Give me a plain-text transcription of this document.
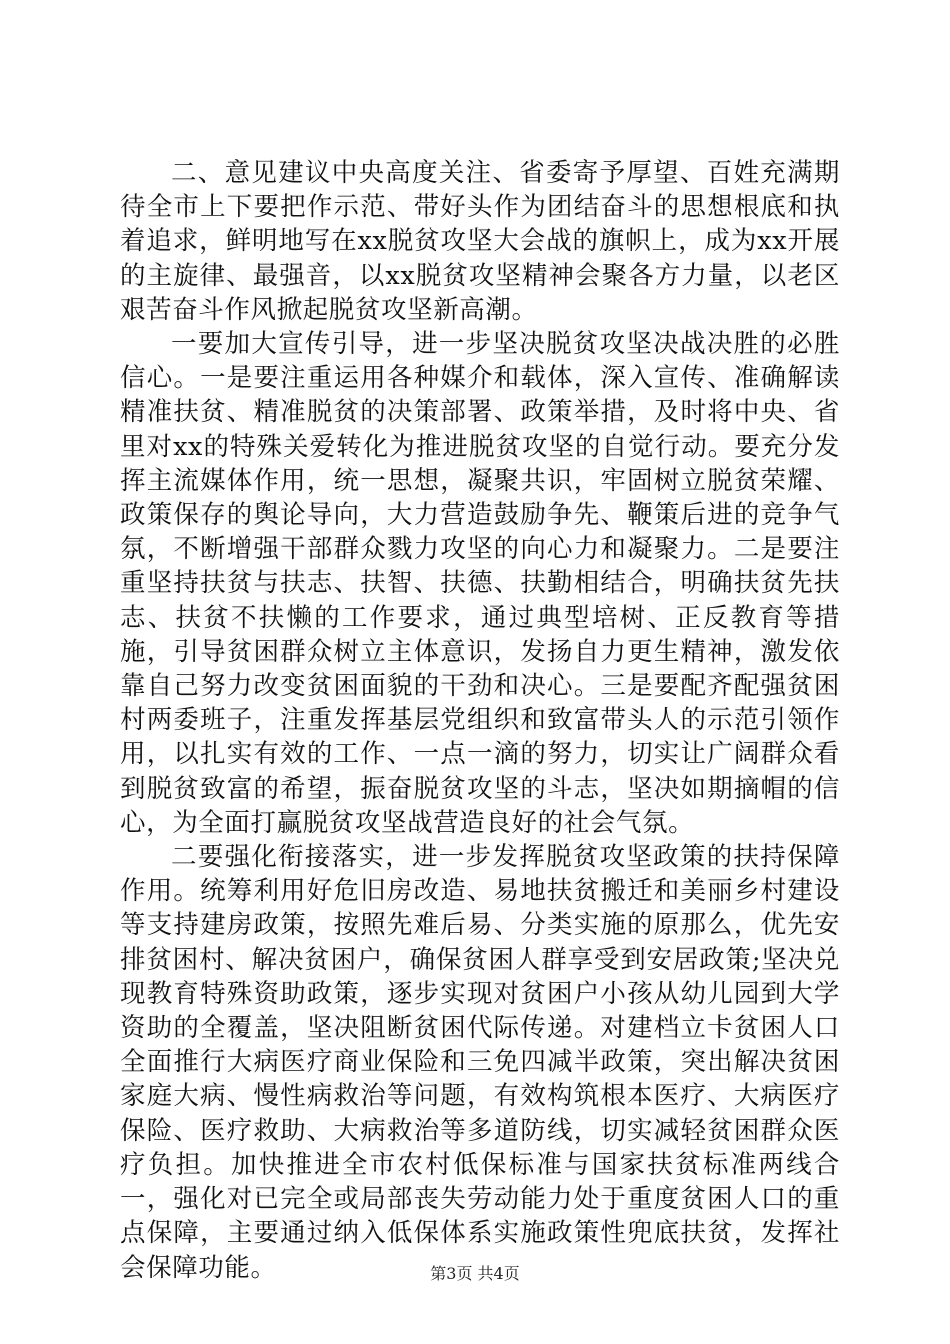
二、意见建议中央高度关注、省委寄予厚望、百姓充满期待全市上下要把作示范、带好头作为团结奋斗的思想根底和执着追求，鲜明地写在xx脱贫攻坚大会战的旗帜上，成为xx开展的主旋律、最强音，以xx脱贫攻坚精神会聚各方力量，以老区艰苦奋斗作风掀起脱贫攻坚新高潮。

一要加大宣传引导，进一步坚决脱贫攻坚决战决胜的必胜信心。一是要注重运用各种媒介和载体，深入宣传、准确解读精准扶贫、精准脱贫的决策部署、政策举措，及时将中央、省里对xx的特殊关爱转化为推进脱贫攻坚的自觉行动。要充分发挥主流媒体作用，统一思想，凝聚共识，牢固树立脱贫荣耀、政策保存的舆论导向，大力营造鼓励争先、鞭策后进的竞争气氛，不断增强干部群众戮力攻坚的向心力和凝聚力。二是要注重坚持扶贫与扶志、扶智、扶德、扶勤相结合，明确扶贫先扶志、扶贫不扶懒的工作要求，通过典型培树、正反教育等措施，引导贫困群众树立主体意识，发扬自力更生精神，激发依靠自己努力改变贫困面貌的干劲和决心。三是要配齐配强贫困村两委班子，注重发挥基层党组织和致富带头人的示范引领作用，以扎实有效的工作、一点一滴的努力，切实让广阔群众看到脱贫致富的希望，振奋脱贫攻坚的斗志，坚决如期摘帽的信心，为全面打赢脱贫攻坚战营造良好的社会气氛。

二要强化衔接落实，进一步发挥脱贫攻坚政策的扶持保障作用。统筹利用好危旧房改造、易地扶贫搬迁和美丽乡村建设等支持建房政策，按照先难后易、分类实施的原那么，优先安排贫困村、解决贫困户，确保贫困人群享受到安居政策;坚决兑现教育特殊资助政策，逐步实现对贫困户小孩从幼儿园到大学资助的全覆盖，坚决阻断贫困代际传递。对建档立卡贫困人口全面推行大病医疗商业保险和三免四减半政策，突出解决贫困家庭大病、慢性病救治等问题，有效构筑根本医疗、大病医疗保险、医疗救助、大病救治等多道防线，切实减轻贫困群众医疗负担。加快推进全市农村低保标准与国家扶贫标准两线合一，强化对已完全或局部丧失劳动能力处于重度贫困人口的重点保障，主要通过纳入低保体系实施政策性兜底扶贫，发挥社会保障功能。	第3页 共4页
